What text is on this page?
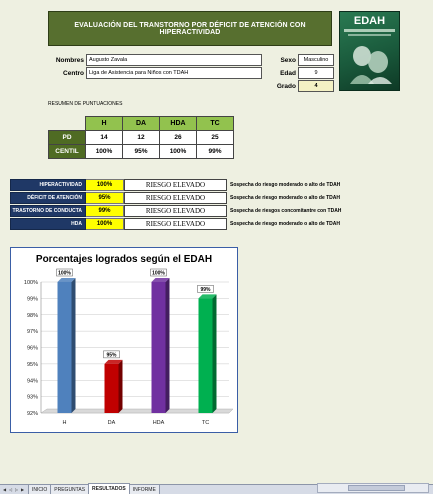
EVALUACIÓN DEL TRANSTORNO POR DÉFICIT DE ATENCIÓN CON HIPERACTIVIDAD
EDAH
Nombres Augusto Zavala
Centro Liga de Asistencia para Niños con TDAH
Sexo	Masculino
Edad	9
Grado	4
RESUMEN DE PUNTUACIONES
	H	DA	HDA	TC
PD	14	12	26	25
CENTIL	100%	95%	100%	99%
HIPERACTIVIDAD	100%	RIESGO ELEVADO	Sospecha do riesgo moderado o alto de TDAH
DÉFICIT DE ATENCIÓN	95%	RIESGO ELEVADO	Sospecha de riesgo moderado o alto de TDAH
TRASTORNO DE CONDUCTA	99%	RIESGO ELEVADO	Sospecha de riesgos concomitantre con TDAH
HDA	100%	RIESGO ELEVADO	Sospecha de riesgo moderado o alto de TDAH
Porcentajes logrados según el EDAH
92%
93%
94%
95%
96%
97%
98%
99%
100%
100%
H
95%
DA
100%
HDA
99%
TC
◀ ◁ ▷ ▶	INICIO	PREGUNTAS	RESULTADOS	INFORME
